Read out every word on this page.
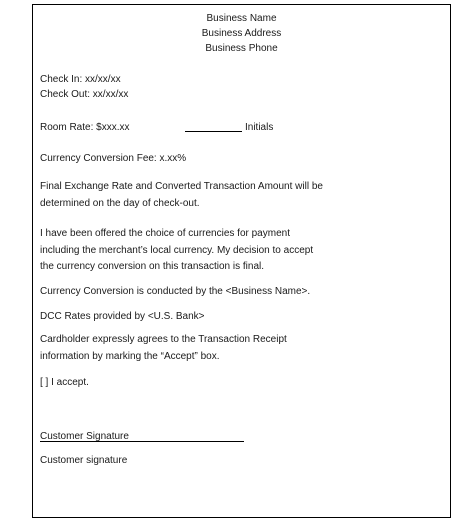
Business Name
Business Address
Business Phone
Check In: xx/xx/xx
Check Out: xx/xx/xx
Room Rate: $xxx.xx	Initials
Currency Conversion Fee: x.xx%
Final Exchange Rate and Converted Transaction Amount will be
determined on the day of check-out.
I have been offered the choice of currencies for payment
including the merchant’s local currency. My decision to accept
the currency conversion on this transaction is final.
Currency Conversion is conducted by the <Business Name>.
DCC Rates provided by <U.S. Bank>
Cardholder expressly agrees to the Transaction Receipt
information by marking the “Accept” box.
[ ] I accept.
Customer Signature
Customer signature
